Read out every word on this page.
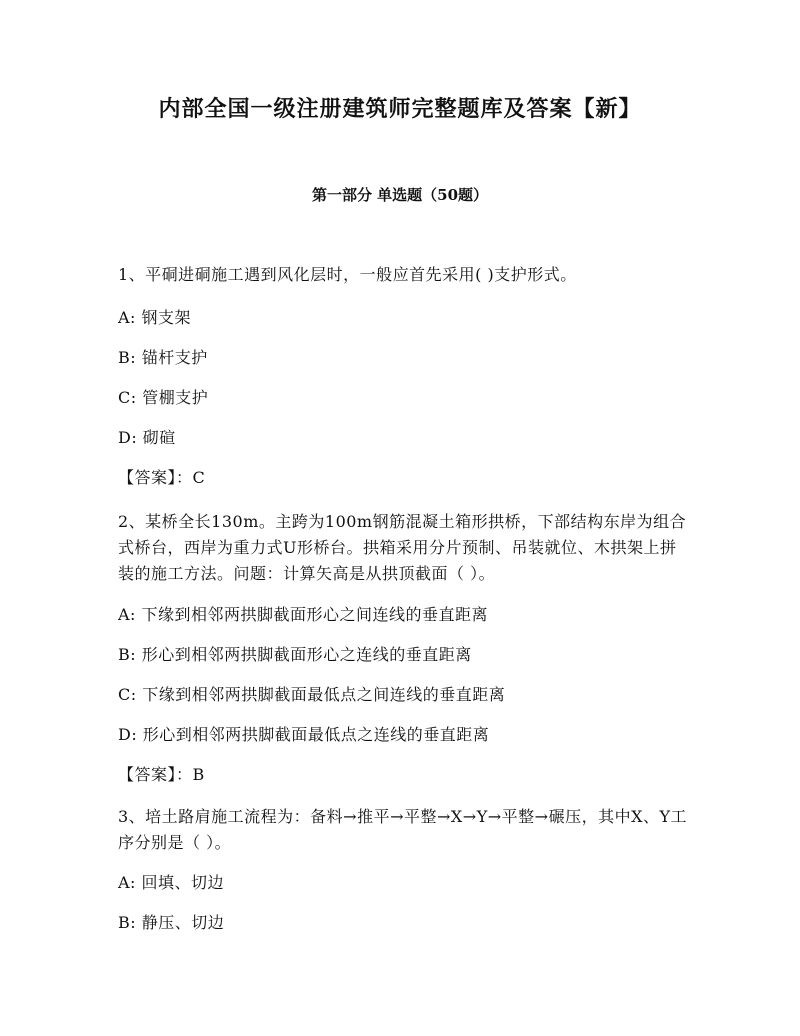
内部全国一级注册建筑师完整题库及答案【新】
第一部分 单选题（50题）
1、平硐进硐施工遇到风化层时，一般应首先采用( )支护形式。
A: 钢支架
B: 锚杆支护
C: 管棚支护
D: 砌碹
【答案】：C
2、某桥全长130m。主跨为100m钢筋混凝土箱形拱桥，下部结构东岸为组合式桥台，西岸为重力式U形桥台。拱箱采用分片预制、吊装就位、木拱架上拼装的施工方法。问题：计算矢高是从拱顶截面（ ）。
A: 下缘到相邻两拱脚截面形心之间连线的垂直距离
B: 形心到相邻两拱脚截面形心之连线的垂直距离
C: 下缘到相邻两拱脚截面最低点之间连线的垂直距离
D: 形心到相邻两拱脚截面最低点之连线的垂直距离
【答案】：B
3、培土路肩施工流程为：备料→推平→平整→X→Y→平整→碾压，其中X、Y工序分别是（ ）。
A: 回填、切边
B: 静压、切边
